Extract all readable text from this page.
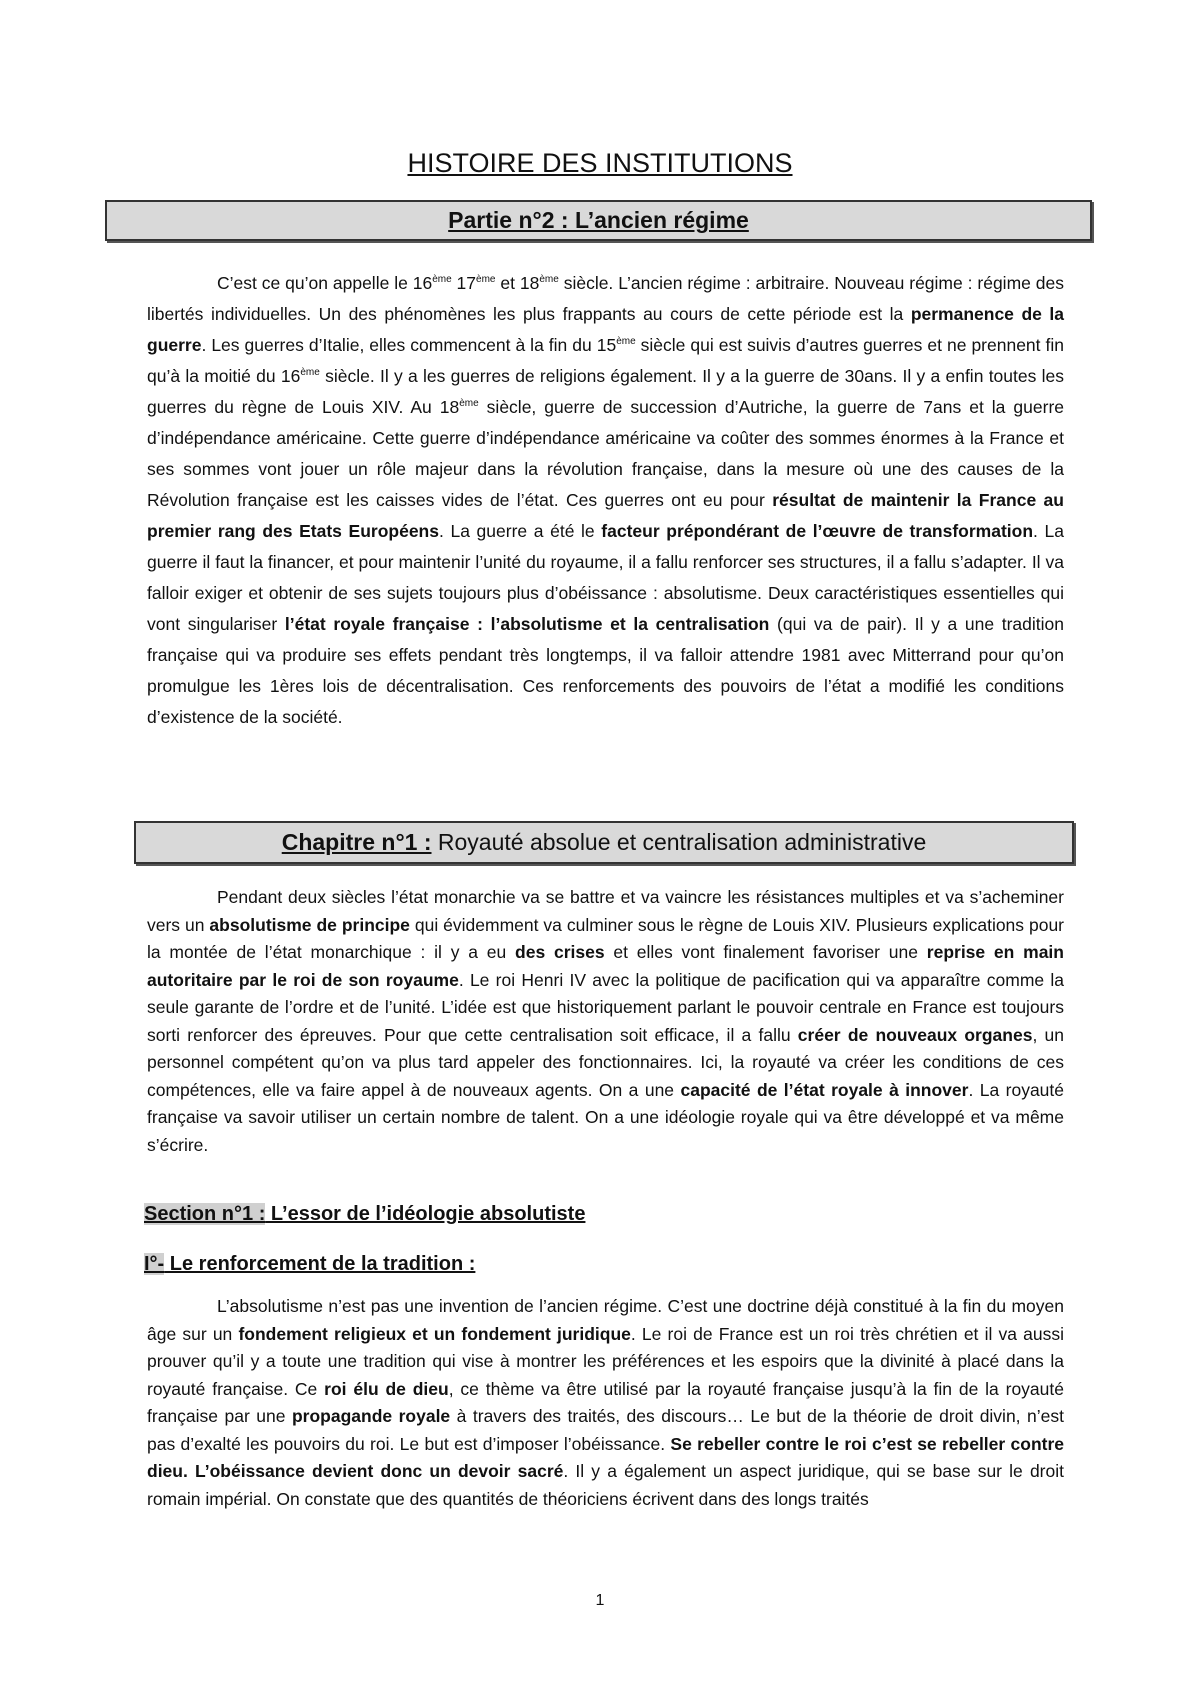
HISTOIRE DES INSTITUTIONS
Partie n°2 : L’ancien régime

C’est ce qu’on appelle le 16ème 17ème et 18ème siècle. L’ancien régime : arbitraire. Nouveau régime : régime des libertés individuelles. Un des phénomènes les plus frappants au cours de cette période est la permanence de la guerre. Les guerres d’Italie, elles commencent à la fin du 15ème siècle qui est suivis d’autres guerres et ne prennent fin qu’à la moitié du 16ème siècle. Il y a les guerres de religions également. Il y a la guerre de 30ans. Il y a enfin toutes les guerres du règne de Louis XIV. Au 18ème siècle, guerre de succession d’Autriche, la guerre de 7ans et la guerre d’indépendance américaine. Cette guerre d’indépendance américaine va coûter des sommes énormes à la France et ses sommes vont jouer un rôle majeur dans la révolution française, dans la mesure où une des causes de la Révolution française est les caisses vides de l’état. Ces guerres ont eu pour résultat de maintenir la France au premier rang des Etats Européens. La guerre a été le facteur prépondérant de l’œuvre de transformation. La guerre il faut la financer, et pour maintenir l’unité du royaume, il a fallu renforcer ses structures, il a fallu s’adapter. Il va falloir exiger et obtenir de ses sujets toujours plus d’obéissance : absolutisme. Deux caractéristiques essentielles qui vont singulariser l’état royale française : l’absolutisme et la centralisation (qui va de pair). Il y a une tradition française qui va produire ses effets pendant très longtemps, il va falloir attendre 1981 avec Mitterrand pour qu’on promulgue les 1ères lois de décentralisation. Ces renforcements des pouvoirs de l’état a modifié les conditions d’existence de la société.

Chapitre n°1 : Royauté absolue et centralisation administrative

Pendant deux siècles l’état monarchie va se battre et va vaincre les résistances multiples et va s’acheminer vers un absolutisme de principe qui évidemment va culminer sous le règne de Louis XIV. Plusieurs explications pour la montée de l’état monarchique : il y a eu des crises et elles vont finalement favoriser une reprise en main autoritaire par le roi de son royaume. Le roi Henri IV avec la politique de pacification qui va apparaître comme la seule garante de l’ordre et de l’unité. L’idée est que historiquement parlant le pouvoir centrale en France est toujours sorti renforcer des épreuves. Pour que cette centralisation soit efficace, il a fallu créer de nouveaux organes, un personnel compétent qu’on va plus tard appeler des fonctionnaires. Ici, la royauté va créer les conditions de ces compétences, elle va faire appel à de nouveaux agents. On a une capacité de l’état royale à innover. La royauté française va savoir utiliser un certain nombre de talent. On a une idéologie royale qui va être développé et va même s’écrire.

Section n°1 : L’essor de l’idéologie absolutiste
I°- Le renforcement de la tradition :

L’absolutisme n’est pas une invention de l’ancien régime. C’est une doctrine déjà constitué à la fin du moyen âge sur un fondement religieux et un fondement juridique. Le roi de France est un roi très chrétien et il va aussi prouver qu’il y a toute une tradition qui vise à montrer les préférences et les espoirs que la divinité à placé dans la royauté française. Ce roi élu de dieu, ce thème va être utilisé par la royauté française jusqu’à la fin de la royauté française par une propagande royale à travers des traités, des discours… Le but de la théorie de droit divin, n’est pas d’exalté les pouvoirs du roi. Le but est d’imposer l’obéissance. Se rebeller contre le roi c’est se rebeller contre dieu. L’obéissance devient donc un devoir sacré. Il y a également un aspect juridique, qui se base sur le droit romain impérial. On constate que des quantités de théoriciens écrivent dans des longs traités

1
